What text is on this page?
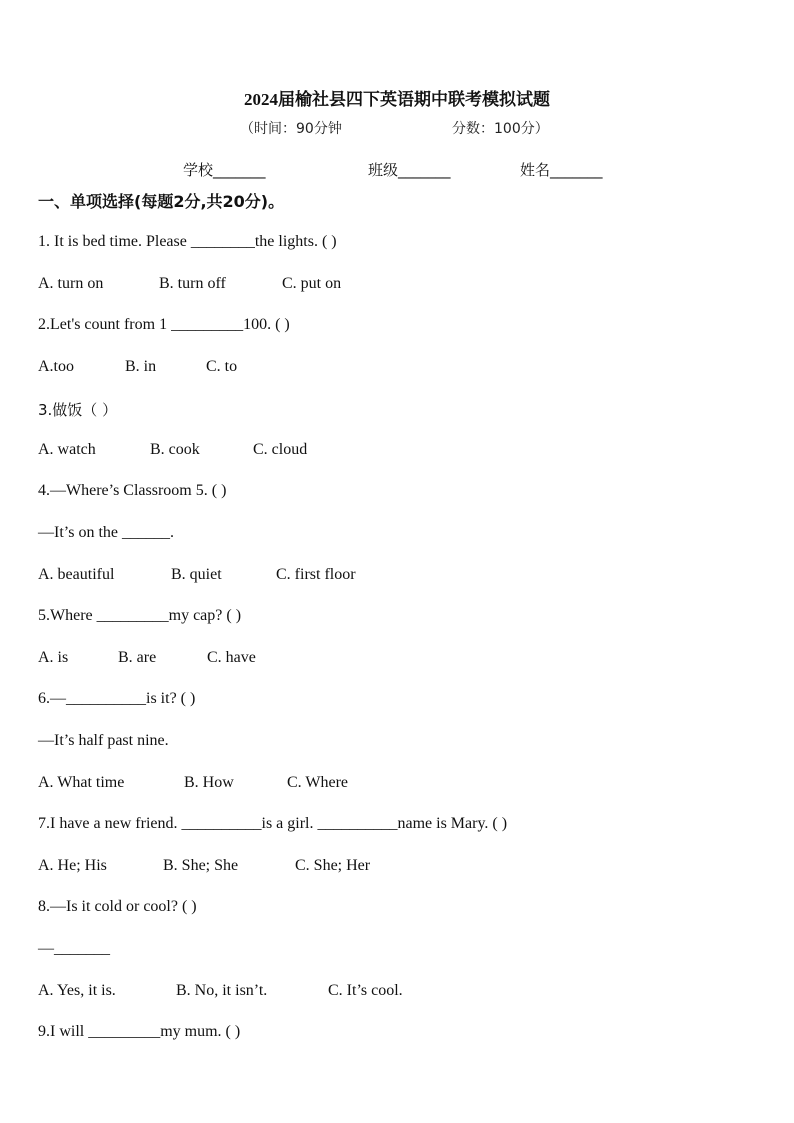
2024届榆社县四下英语期中联考模拟试题
（时间：90分钟	分数：100分）
学校_______	班级_______	姓名_______
一、单项选择(每题2分,共20分)。
1. It is bed time. Please ________the lights. ( )
A. turn on	B. turn off	C. put on
2.Let's count from 1 _________100. ( )
A.too	B. in	C. to
3.做饭（ ）
A. watch	B. cook	C. cloud
4.—Where’s Classroom 5. ( )
—It’s on the ______.
A. beautiful	B. quiet	C. first floor
5.Where _________my cap? ( )
A. is	B. are	C. have
6.—__________is it? ( )
—It’s half past nine.
A. What time	B. How	C. Where
7.I have a new friend. __________is a girl. __________name is Mary. ( )
A. He; His	B. She; She	C. She; Her
8.—Is it cold or cool? ( )
—_______
A. Yes, it is.	B. No, it isn’t.	C. It’s cool.
9.I will _________my mum. ( )
